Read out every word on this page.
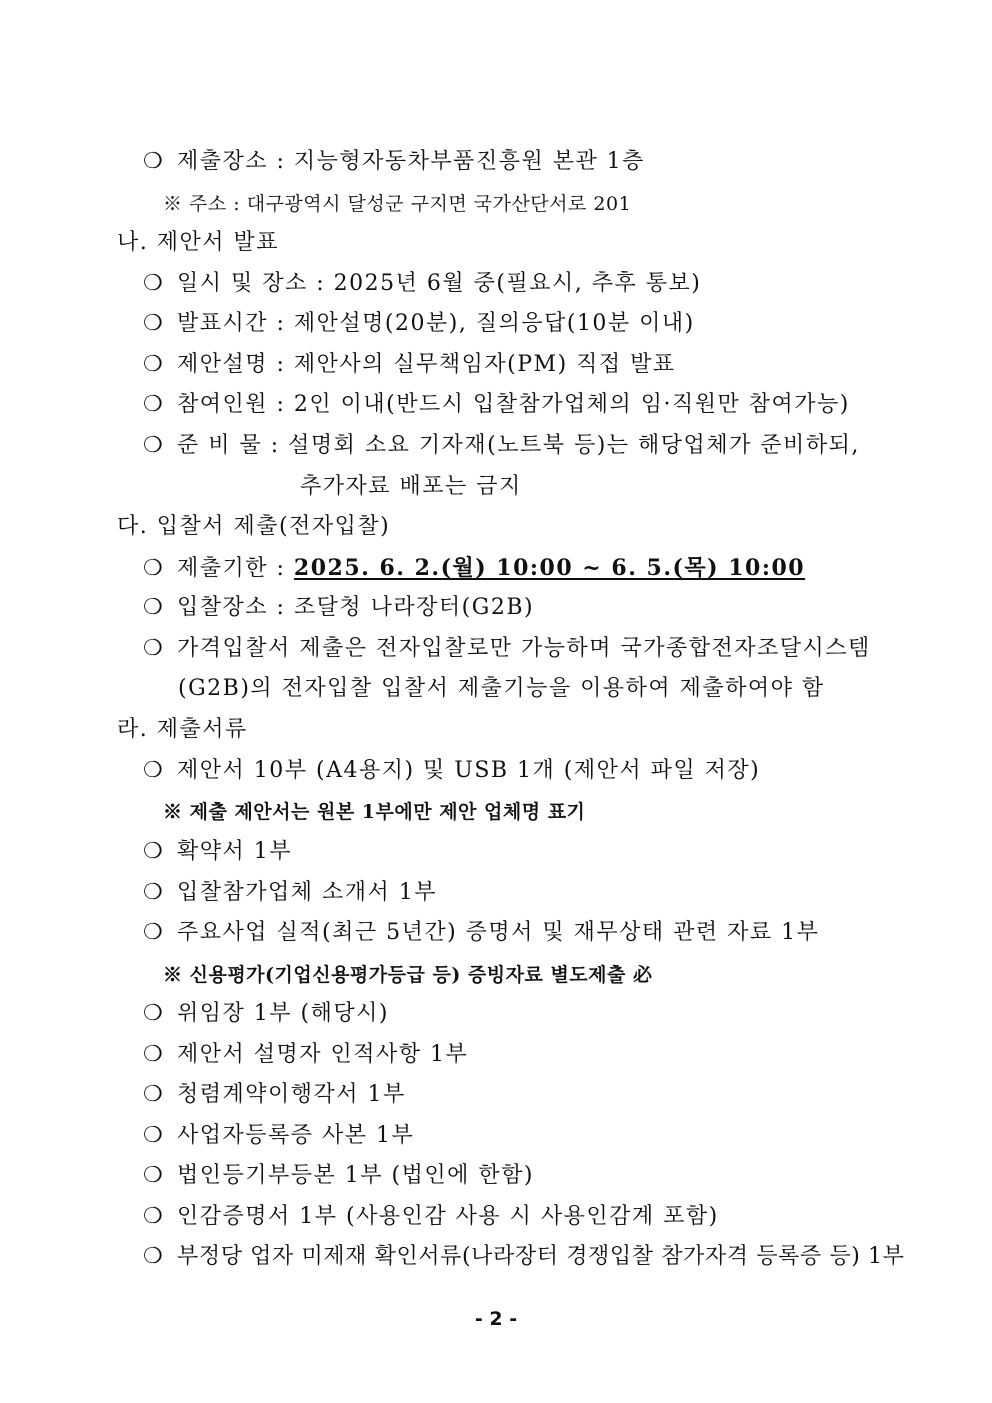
❍ 제출장소 : 지능형자동차부품진흥원 본관 1층
※ 주소 : 대구광역시 달성군 구지면 국가산단서로 201
나. 제안서 발표
❍ 일시 및 장소 : 2025년 6월 중(필요시, 추후 통보)
❍ 발표시간 : 제안설명(20분), 질의응답(10분 이내)
❍ 제안설명 : 제안사의 실무책임자(PM) 직접 발표
❍ 참여인원 : 2인 이내(반드시 입찰참가업체의 임·직원만 참여가능)
❍ 준 비 물 : 설명회 소요 기자재(노트북 등)는 해당업체가 준비하되,
추가자료 배포는 금지
다. 입찰서 제출(전자입찰)
❍ 제출기한 : 2025. 6. 2.(월) 10:00 ~ 6. 5.(목) 10:00
❍ 입찰장소 : 조달청 나라장터(G2B)
❍ 가격입찰서 제출은 전자입찰로만 가능하며 국가종합전자조달시스템
(G2B)의 전자입찰 입찰서 제출기능을 이용하여 제출하여야 함
라. 제출서류
❍ 제안서 10부 (A4용지) 및 USB 1개 (제안서 파일 저장)
※ 제출 제안서는 원본 1부에만 제안 업체명 표기
❍ 확약서 1부
❍ 입찰참가업체 소개서 1부
❍ 주요사업 실적(최근 5년간) 증명서 및 재무상태 관련 자료 1부
※ 신용평가(기업신용평가등급 등) 증빙자료 별도제출 必
❍ 위임장 1부 (해당시)
❍ 제안서 설명자 인적사항 1부
❍ 청렴계약이행각서 1부
❍ 사업자등록증 사본 1부
❍ 법인등기부등본 1부 (법인에 한함)
❍ 인감증명서 1부 (사용인감 사용 시 사용인감계 포함)
❍ 부정당 업자 미제재 확인서류(나라장터 경쟁입찰 참가자격 등록증 등) 1부
- 2 -
